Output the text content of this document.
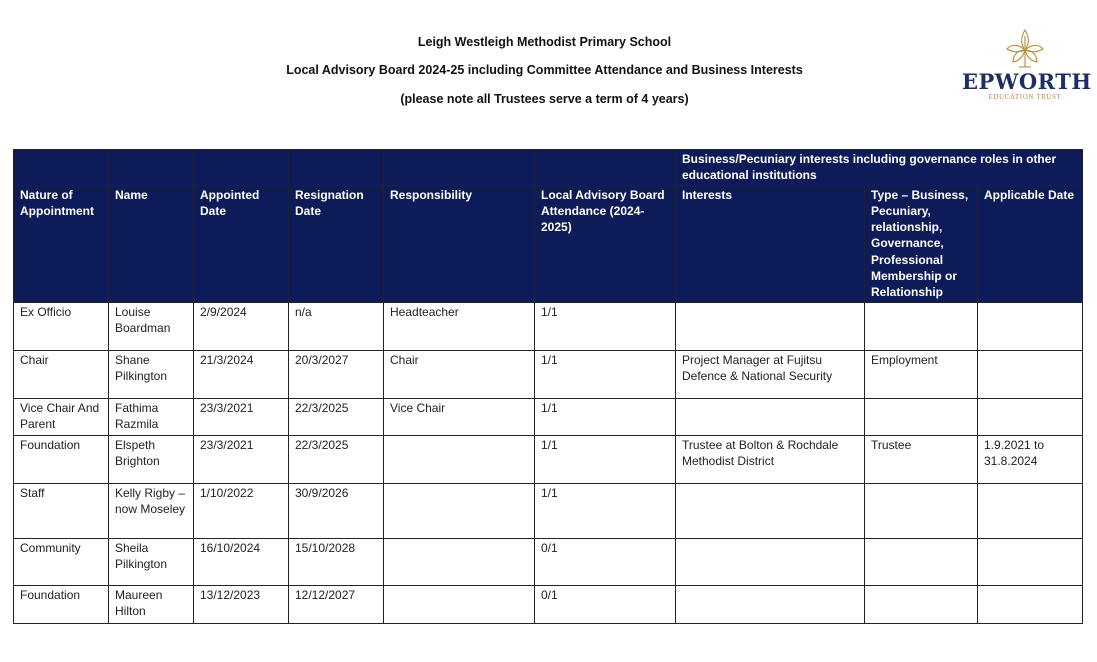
Leigh Westleigh Methodist Primary School
Local Advisory Board 2024-25 including Committee Attendance and Business Interests
(please note all Trustees serve a term of 4 years)
EPWORTH
EDUCATION TRUST
						Business/Pecuniary interests including governance roles in other educational institutions		
Nature of Appointment	Name	Appointed Date	Resignation Date	Responsibility	Local Advisory Board Attendance (2024-2025)	Interests	Type – Business, Pecuniary, relationship, Governance, Professional Membership or Relationship	Applicable Date
Ex Officio	Louise Boardman	2/9/2024	n/a	Headteacher	1/1			
Chair	Shane Pilkington	21/3/2024	20/3/2027	Chair	1/1	Project Manager at Fujitsu Defence & National Security	Employment	
Vice Chair And Parent	Fathima Razmila	23/3/2021	22/3/2025	Vice Chair	1/1			
Foundation	Elspeth Brighton	23/3/2021	22/3/2025		1/1	Trustee at Bolton & Rochdale Methodist District	Trustee	1.9.2021 to 31.8.2024
Staff	Kelly Rigby – now Moseley	1/10/2022	30/9/2026		1/1			
Community	Sheila Pilkington	16/10/2024	15/10/2028		0/1			
Foundation	Maureen Hilton	13/12/2023	12/12/2027		0/1			
